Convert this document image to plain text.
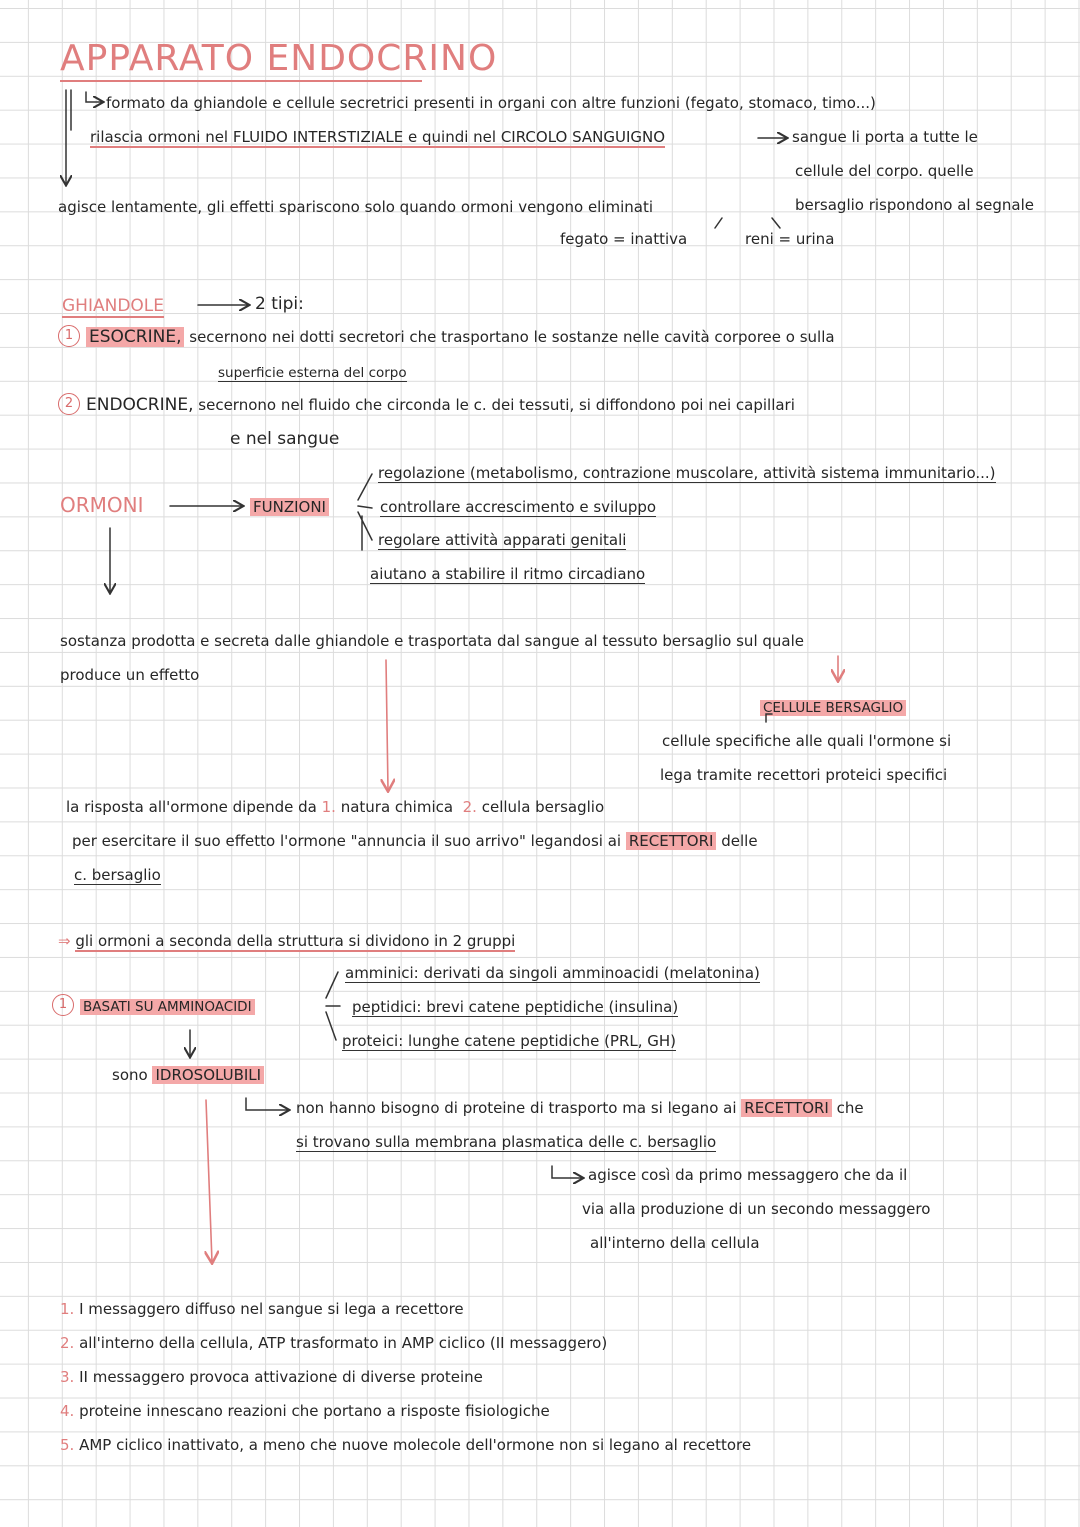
APPARATO ENDOCRINO
formato da ghiandole e cellule secretrici presenti in organi con altre funzioni (fegato, stomaco, timo...)
rilascia ormoni nel FLUIDO INTERSTIZIALE e quindi nel CIRCOLO SANGUIGNO	sangue li porta a tutte le
cellule del corpo. quelle
bersaglio rispondono al segnale
agisce lentamente, gli effetti spariscono solo quando ormoni vengono eliminati
fegato = inattiva	reni = urina
GHIANDOLE	2 tipi:
1 ESOCRINE, secernono nei dotti secretori che trasportano le sostanze nelle cavità corporee o sulla
superficie esterna del corpo
2 ENDOCRINE, secernono nel fluido che circonda le c. dei tessuti, si diffondono poi nei capillari
e nel sangue
ORMONI	FUNZIONI
regolazione (metabolismo, contrazione muscolare, attività sistema immunitario...)
controllare accrescimento e sviluppo
regolare attività apparati genitali
aiutano a stabilire il ritmo circadiano
sostanza prodotta e secreta dalle ghiandole e trasportata dal sangue al tessuto bersaglio sul quale
produce un effetto
CELLULE BERSAGLIO
cellule specifiche alle quali l'ormone si
lega tramite recettori proteici specifici
la risposta all'ormone dipende da 1. natura chimica 2. cellula bersaglio
per esercitare il suo effetto l'ormone "annuncia il suo arrivo" legandosi ai RECETTORI delle
c. bersaglio
⇒ gli ormoni a seconda della struttura si dividono in 2 gruppi
1 BASATI SU AMMINOACIDI
amminici: derivati da singoli amminoacidi (melatonina)
peptidici: brevi catene peptidiche (insulina)
proteici: lunghe catene peptidiche (PRL, GH)
sono IDROSOLUBILI
non hanno bisogno di proteine di trasporto ma si legano ai RECETTORI che
si trovano sulla membrana plasmatica delle c. bersaglio
agisce così da primo messaggero che da il
via alla produzione di un secondo messaggero
all'interno della cellula
1. I messaggero diffuso nel sangue si lega a recettore
2. all'interno della cellula, ATP trasformato in AMP ciclico (II messaggero)
3. II messaggero provoca attivazione di diverse proteine
4. proteine innescano reazioni che portano a risposte fisiologiche
5. AMP ciclico inattivato, a meno che nuove molecole dell'ormone non si legano al recettore
